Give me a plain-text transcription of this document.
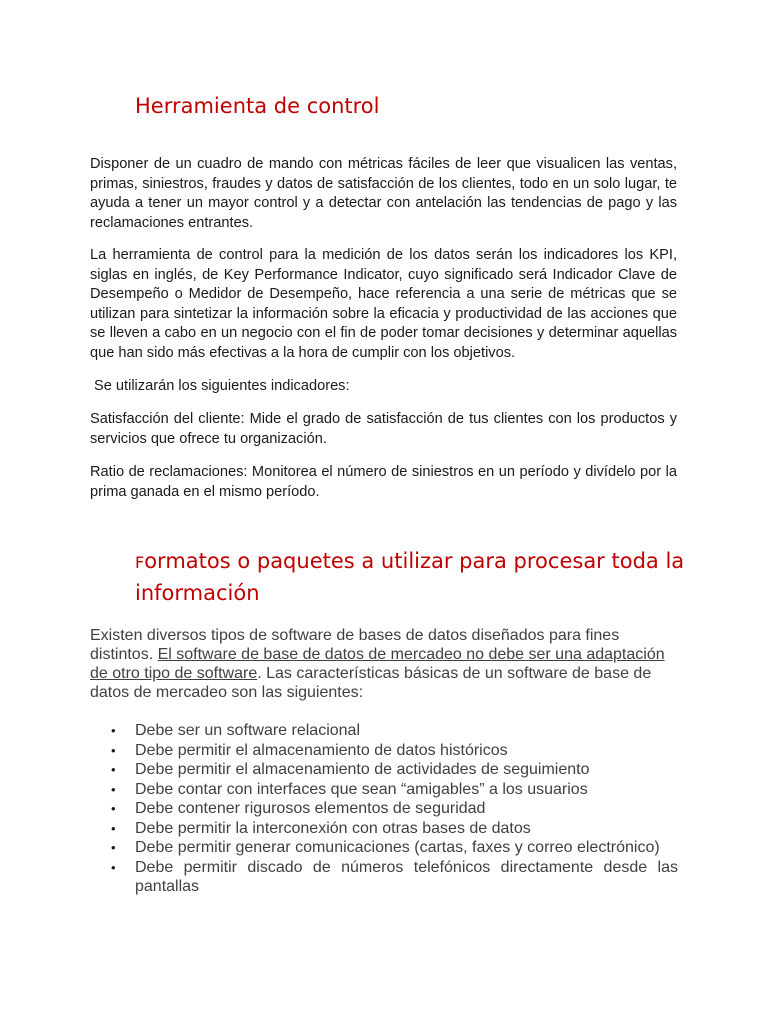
Herramienta de control

Disponer de un cuadro de mando con métricas fáciles de leer que visualicen las ventas, primas, siniestros, fraudes y datos de satisfacción de los clientes, todo en un solo lugar, te ayuda a tener un mayor control y a detectar con antelación las tendencias de pago y las reclamaciones entrantes.

La herramienta de control para la medición de los datos serán los indicadores los KPI, siglas en inglés, de Key Performance Indicator, cuyo significado será Indicador Clave de Desempeño o Medidor de Desempeño, hace referencia a una serie de métricas que se utilizan para sintetizar la información sobre la eficacia y productividad de las acciones que se lleven a cabo en un negocio con el fin de poder tomar decisiones y determinar aquellas que han sido más efectivas a la hora de cumplir con los objetivos.

Se utilizarán los siguientes indicadores:

Satisfacción del cliente: Mide el grado de satisfacción de tus clientes con los productos y servicios que ofrece tu organización.

Ratio de reclamaciones: Monitorea el número de siniestros en un período y divídelo por la prima ganada en el mismo período.

Formatos o paquetes a utilizar para procesar toda la información

Existen diversos tipos de software de bases de datos diseñados para fines distintos. El software de base de datos de mercadeo no debe ser una adaptación de otro tipo de software. Las características básicas de un software de base de datos de mercadeo son las siguientes:

• Debe ser un software relacional
• Debe permitir el almacenamiento de datos históricos
• Debe permitir el almacenamiento de actividades de seguimiento
• Debe contar con interfaces que sean “amigables” a los usuarios
• Debe contener rigurosos elementos de seguridad
• Debe permitir la interconexión con otras bases de datos
• Debe permitir generar comunicaciones (cartas, faxes y correo electrónico)
• Debe permitir discado de números telefónicos directamente desde las pantallas
